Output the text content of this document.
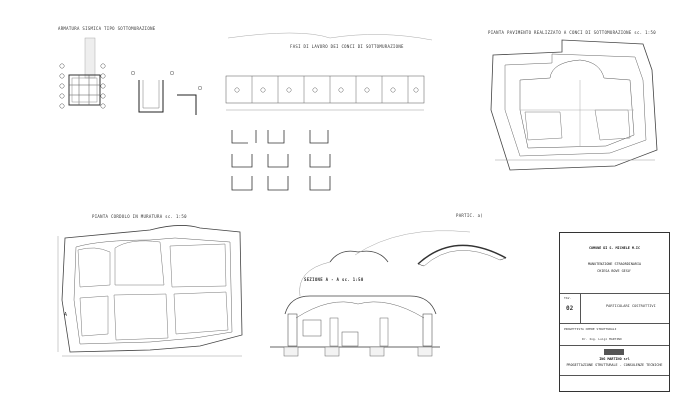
ARMATURA SISMICA TIPO SOTTOMURAZIONE
FASI DI LAVORO DEI CONCI DI SOTTOMURAZIONE
PIANTA PAVIMENTO REALIZZATO A CONCI DI SOTTOMURAZIONE sc. 1:50
PIANTA CORDOLO IN MURATURA sc. 1:50
SEZIONE A - A sc. 1:50
PARTIC. a)
A
COMUNE DI S. MICHELE M.IC
MANUTENZIONE STRAORDINARIA
CHIESA BOVE GESU'
TAV.
02	PARTICOLARI COSTRUTTIVI
PROGETTISTA OPERE STRUTTURALI
Dr. Ing. Luigi MARTINO
ING MARTINO srl
PROGETTAZIONE STRUTTURALE - CONSULENZE TECNICHE
